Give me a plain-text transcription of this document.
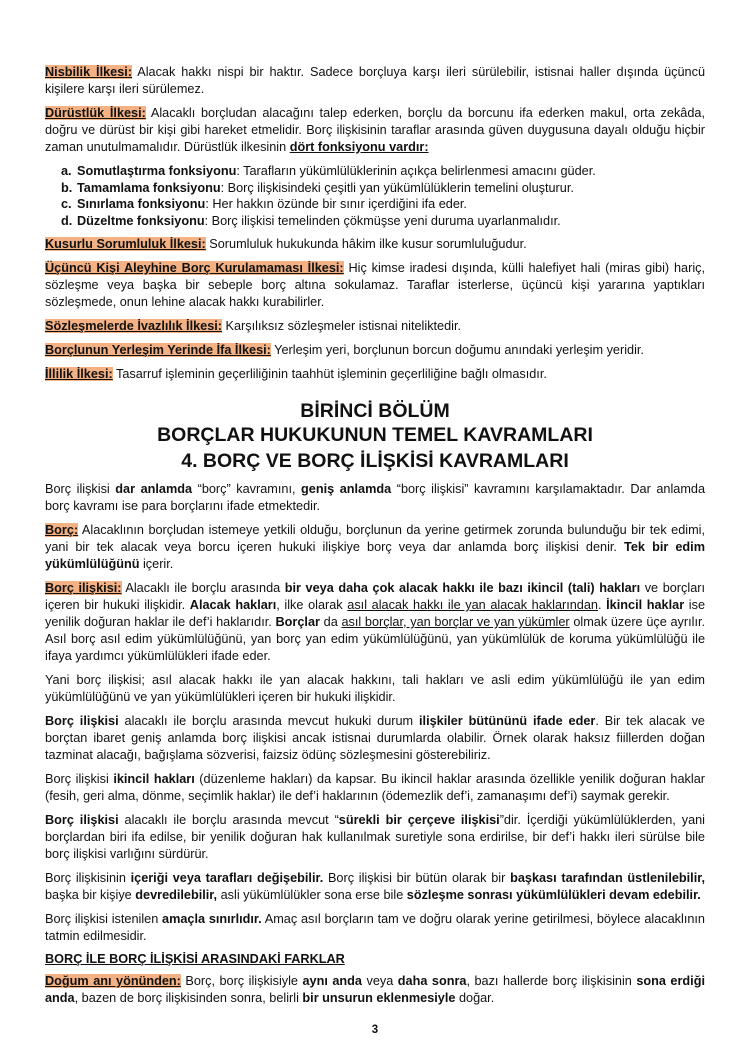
Nisbilik İlkesi: Alacak hakkı nispi bir haktır. Sadece borçluya karşı ileri sürülebilir, istisnai haller dışında üçüncü kişilere karşı ileri sürülemez.

Dürüstlük İlkesi: Alacaklı borçludan alacağını talep ederken, borçlu da borcunu ifa ederken makul, orta zekâda, doğru ve dürüst bir kişi gibi hareket etmelidir. Borç ilişkisinin taraflar arasında güven duygusuna dayalı olduğu hiçbir zaman unutulmamalıdır. Dürüstlük ilkesinin dört fonksiyonu vardır:

a. Somutlaştırma fonksiyonu: Tarafların yükümlülüklerinin açıkça belirlenmesi amacını güder.
b. Tamamlama fonksiyonu: Borç ilişkisindeki çeşitli yan yükümlülüklerin temelini oluşturur.
c. Sınırlama fonksiyonu: Her hakkın özünde bir sınır içerdiğini ifa eder.
d. Düzeltme fonksiyonu: Borç ilişkisi temelinden çökmüşse yeni duruma uyarlanmalıdır.

Kusurlu Sorumluluk İlkesi: Sorumluluk hukukunda hâkim ilke kusur sorumluluğudur.

Üçüncü Kişi Aleyhine Borç Kurulamaması İlkesi: Hiç kimse iradesi dışında, külli halefiyet hali (miras gibi) hariç, sözleşme veya başka bir sebeple borç altına sokulamaz. Taraflar isterlerse, üçüncü kişi yararına yaptıkları sözleşmede, onun lehine alacak hakkı kurabilirler.

Sözleşmelerde İvazlılık İlkesi: Karşılıksız sözleşmeler istisnai niteliktedir.

Borçlunun Yerleşim Yerinde İfa İlkesi: Yerleşim yeri, borçlunun borcun doğumu anındaki yerleşim yeridir.

İllilik İlkesi: Tasarruf işleminin geçerliliğinin taahhüt işleminin geçerliliğine bağlı olmasıdır.

BİRİNCİ BÖLÜM
BORÇLAR HUKUKUNUN TEMEL KAVRAMLARI
4. BORÇ VE BORÇ İLİŞKİSİ KAVRAMLARI

Borç ilişkisi dar anlamda “borç” kavramını, geniş anlamda “borç ilişkisi” kavramını karşılamaktadır. Dar anlamda borç kavramı ise para borçlarını ifade etmektedir.

Borç: Alacaklının borçludan istemeye yetkili olduğu, borçlunun da yerine getirmek zorunda bulunduğu bir tek edimi, yani bir tek alacak veya borcu içeren hukuki ilişkiye borç veya dar anlamda borç ilişkisi denir. Tek bir edim yükümlülüğünü içerir.

Borç ilişkisi: Alacaklı ile borçlu arasında bir veya daha çok alacak hakkı ile bazı ikincil (tali) hakları ve borçları içeren bir hukuki ilişkidir. Alacak hakları, ilke olarak asıl alacak hakkı ile yan alacak haklarından. İkincil haklar ise yenilik doğuran haklar ile def’i haklarıdır. Borçlar da asıl borçlar, yan borçlar ve yan yükümler olmak üzere üçe ayrılır. Asıl borç asıl edim yükümlülüğünü, yan borç yan edim yükümlülüğünü, yan yükümlülük de koruma yükümlülüğü ile ifaya yardımcı yükümlülükleri ifade eder.

Yani borç ilişkisi; asıl alacak hakkı ile yan alacak hakkını, tali hakları ve asli edim yükümlülüğü ile yan edim yükümlülüğünü ve yan yükümlülükleri içeren bir hukuki ilişkidir.

Borç ilişkisi alacaklı ile borçlu arasında mevcut hukuki durum ilişkiler bütününü ifade eder. Bir tek alacak ve borçtan ibaret geniş anlamda borç ilişkisi ancak istisnai durumlarda olabilir. Örnek olarak haksız fiillerden doğan tazminat alacağı, bağışlama sözverisi, faizsiz ödünç sözleşmesini gösterebiliriz.

Borç ilişkisi ikincil hakları (düzenleme hakları) da kapsar. Bu ikincil haklar arasında özellikle yenilik doğuran haklar (fesih, geri alma, dönme, seçimlik haklar) ile def’i haklarının (ödemezlik def’i, zamanaşımı def’i) saymak gerekir.

Borç ilişkisi alacaklı ile borçlu arasında mevcut “sürekli bir çerçeve ilişkisi”dir. İçerdiği yükümlülüklerden, yani borçlardan biri ifa edilse, bir yenilik doğuran hak kullanılmak suretiyle sona erdirilse, bir def’i hakkı ileri sürülse bile borç ilişkisi varlığını sürdürür.

Borç ilişkisinin içeriği veya tarafları değişebilir. Borç ilişkisi bir bütün olarak bir başkası tarafından üstlenilebilir, başka bir kişiye devredilebilir, asli yükümlülükler sona erse bile sözleşme sonrası yükümlülükleri devam edebilir.

Borç ilişkisi istenilen amaçla sınırlıdır. Amaç asıl borçların tam ve doğru olarak yerine getirilmesi, böylece alacaklının tatmin edilmesidir.

BORÇ İLE BORÇ İLİŞKİSİ ARASINDAKİ FARKLAR

Doğum anı yönünden: Borç, borç ilişkisiyle aynı anda veya daha sonra, bazı hallerde borç ilişkisinin sona erdiği anda, bazen de borç ilişkisinden sonra, belirli bir unsurun eklenmesiyle doğar.

3
